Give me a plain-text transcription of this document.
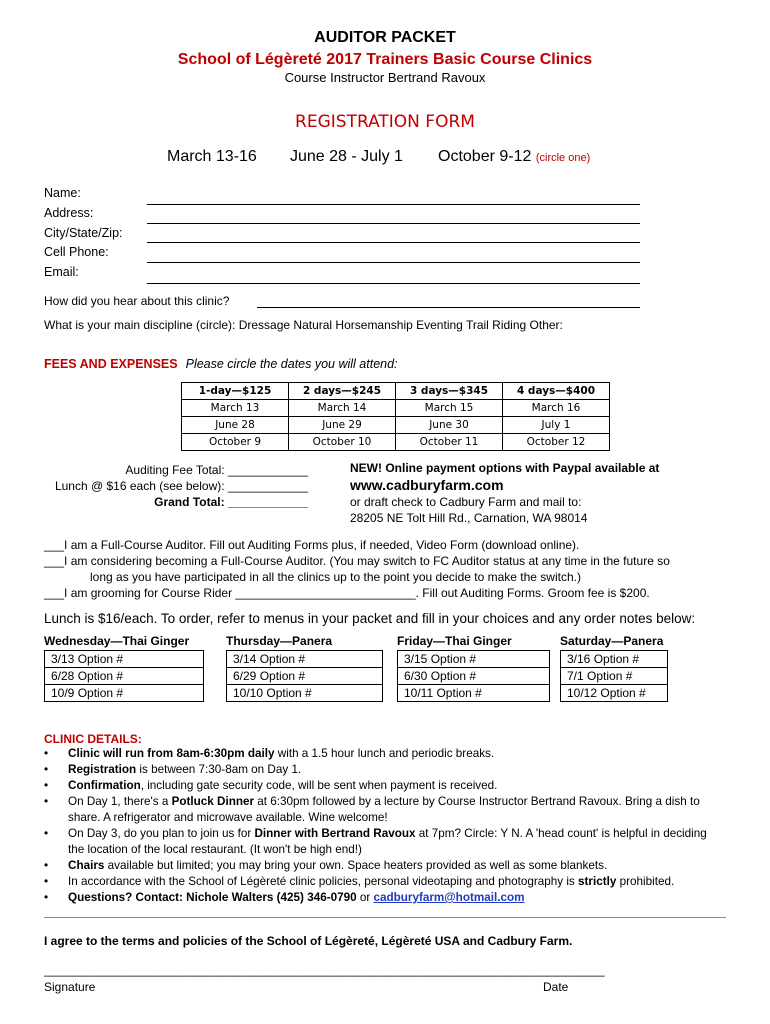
AUDITOR PACKET
School of Légèreté 2017 Trainers Basic Course Clinics
Course Instructor Bertrand Ravoux
REGISTRATION FORM
March 13-16 June 28 - July 1 October 9-12 (circle one)
Name:
Address:
City/State/Zip:
Cell Phone:
Email:
How did you hear about this clinic?
What is your main discipline (circle): Dressage Natural Horsemanship Eventing Trail Riding Other:
FEES AND EXPENSES Please circle the dates you will attend:
1-day—$125	2 days—$245	3 days—$345	4 days—$400
March 13	March 14	March 15	March 16
June 28	June 29	June 30	July 1
October 9	October 10	October 11	October 12
Auditing Fee Total: ____________
Lunch @ $16 each (see below): ____________
Grand Total: ____________
NEW! Online payment options with Paypal available at
www.cadburyfarm.com
or draft check to Cadbury Farm and mail to:
28205 NE Tolt Hill Rd., Carnation, WA 98014
___I am a Full-Course Auditor. Fill out Auditing Forms plus, if needed, Video Form (download online).
___I am considering becoming a Full-Course Auditor. (You may switch to FC Auditor status at any time in the future so
long as you have participated in all the clinics up to the point you decide to make the switch.)
___I am grooming for Course Rider ___________________________. Fill out Auditing Forms. Groom fee is $200.
Lunch is $16/each. To order, refer to menus in your packet and fill in your choices and any order notes below:
Wednesday—Thai Ginger
3/13 Option #
6/28 Option #
10/9 Option #
Thursday—Panera
3/14 Option #
6/29 Option #
10/10 Option #
Friday—Thai Ginger
3/15 Option #
6/30 Option #
10/11 Option #
Saturday—Panera
3/16 Option #
7/1 Option #
10/12 Option #
CLINIC DETAILS:
• Clinic will run from 8am-6:30pm daily with a 1.5 hour lunch and periodic breaks.
• Registration is between 7:30-8am on Day 1.
• Confirmation, including gate security code, will be sent when payment is received.
• On Day 1, there's a Potluck Dinner at 6:30pm followed by a lecture by Course Instructor Bertrand Ravoux. Bring a dish to share. A refrigerator and microwave available. Wine welcome!
• On Day 3, do you plan to join us for Dinner with Bertrand Ravoux at 7pm? Circle: Y N. A 'head count' is helpful in deciding the location of the local restaurant. (It won't be high end!)
• Chairs available but limited; you may bring your own. Space heaters provided as well as some blankets.
• In accordance with the School of Légèreté clinic policies, personal videotaping and photography is strictly prohibited.
• Questions? Contact: Nichole Walters (425) 346-0790 or cadburyfarm@hotmail.com
I agree to the terms and policies of the School of Légèreté, Légèreté USA and Cadbury Farm.
____________________________________________________________________________________
Signature	Date
